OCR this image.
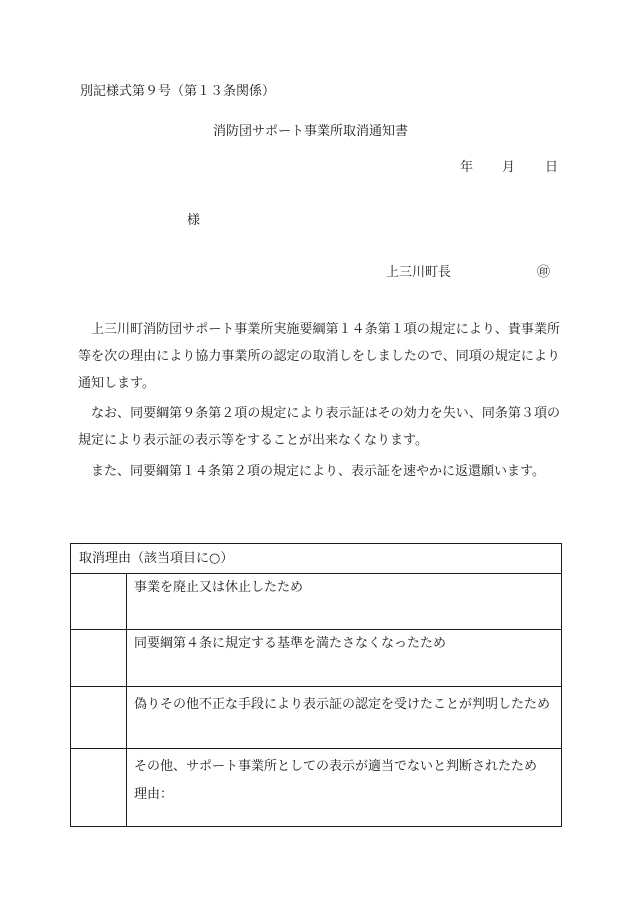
別記様式第９号（第１３条関係）
消防団サポート事業所取消通知書
年 月 日
様
上三川町長	㊞

上三川町消防団サポート事業所実施要綱第１４条第１項の規定により、貴事業所等を次の理由により協力事業所の認定の取消しをしましたので、同項の規定により通知します。

なお、同要綱第９条第２項の規定により表示証はその効力を失い、同条第３項の規定により表示証の表示等をすることが出来なくなります。

また、同要綱第１４条第２項の規定により、表示証を速やかに返還願います。

取消理由（該当項目に○）	
	事業を廃止又は休止したため
	同要綱第４条に規定する基準を満たさなくなったため
	偽りその他不正な手段により表示証の認定を受けたことが判明したため

	その他、サポート事業所としての表示が適当でないと判断されたため
理由：
